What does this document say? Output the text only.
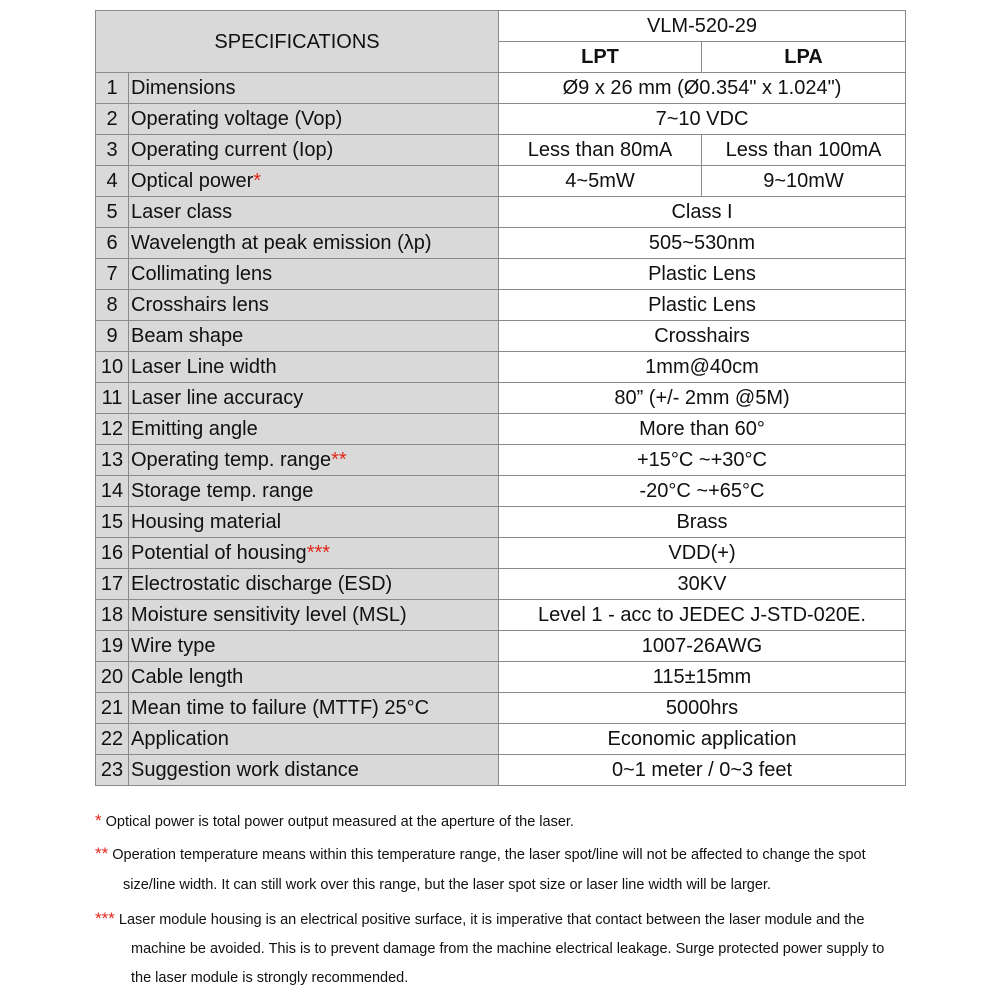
SPECIFICATIONS		VLM-520-29	
		LPT	LPA
1	Dimensions	Ø9 x 26 mm (Ø0.354" x 1.024")	
2	Operating voltage (Vop)	7~10 VDC	
3	Operating current (Iop)	Less than 80mA	Less than 100mA
4	Optical power*	4~5mW	9~10mW
5	Laser class	Class I	
6	Wavelength at peak emission (λp)	505~530nm	
7	Collimating lens	Plastic Lens	
8	Crosshairs lens	Plastic Lens	
9	Beam shape	Crosshairs	
10	Laser Line width	1mm@40cm	
11	Laser line accuracy	80” (+/- 2mm @5M)	
12	Emitting angle	More than 60°	
13	Operating temp. range**	+15°C ~+30°C	
14	Storage temp. range	-20°C ~+65°C	
15	Housing material	Brass	
16	Potential of housing***	VDD(+)	
17	Electrostatic discharge (ESD)	30KV	
18	Moisture sensitivity level (MSL)	Level 1 - acc to JEDEC J-STD-020E.	
19	Wire type	1007-26AWG	
20	Cable length	115±15mm	
21	Mean time to failure (MTTF) 25°C	5000hrs	
22	Application	Economic application	
23	Suggestion work distance	0~1 meter / 0~3 feet	

* Optical power is total power output measured at the aperture of the laser.

** Operation temperature means within this temperature range, the laser spot/line will not be affected to change the spot

size/line width. It can still work over this range, but the laser spot size or laser line width will be larger.

*** Laser module housing is an electrical positive surface, it is imperative that contact between the laser module and the

machine be avoided. This is to prevent damage from the machine electrical leakage. Surge protected power supply to

the laser module is strongly recommended.
